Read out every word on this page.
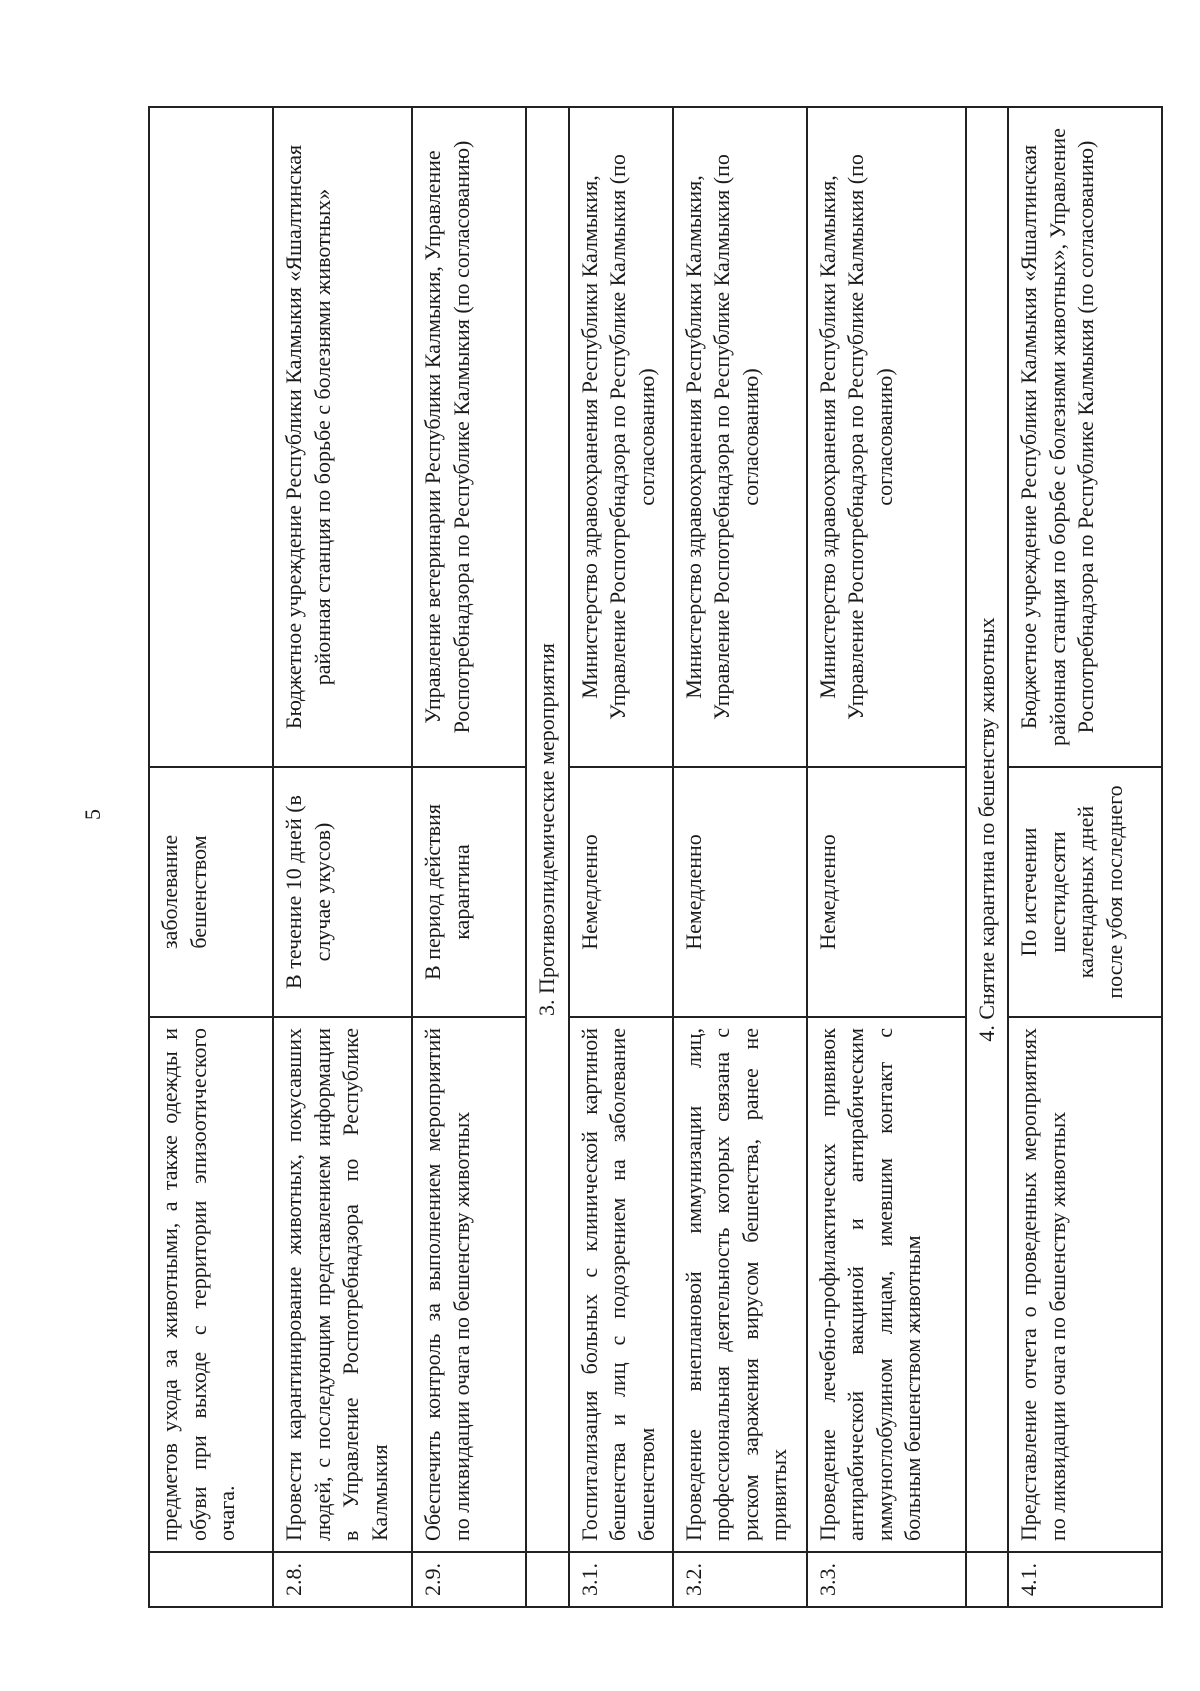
5
	предметов ухода за животными, а также одежды и обуви при выходе с территории эпизоотического очага.	заболевание бешенством	
2.8.	Провести карантинирование животных, покусавших людей, с последующим представлением информации в Управление Роспотребнадзора по Республике Калмыкия	В течение 10 дней (в случае укусов)	Бюджетное учреждение Республики Калмыкия «Яшалтинская районная станция по борьбе с болезнями животных»
2.9.	Обеспечить контроль за выполнением мероприятий по ликвидации очага по бешенству животных	В период действия карантина	Управление ветеринарии Республики Калмыкия, Управление Роспотребнадзора по Республике Калмыкия (по согласованию)
	3. Противоэпидемические мероприятия		
3.1.	Госпитализация больных с клинической картиной бешенства и лиц с подозрением на заболевание бешенством	Немедленно	Министерство здравоохранения Республики Калмыкия, Управление Роспотребнадзора по Республике Калмыкия (по согласованию)
3.2.	Проведение внеплановой иммунизации лиц, профессиональная деятельность которых связана с риском заражения вирусом бешенства, ранее не привитых	Немедленно	Министерство здравоохранения Республики Калмыкия, Управление Роспотребнадзора по Республике Калмыкия (по согласованию)
3.3.	Проведение лечебно-профилактических прививок антирабической вакциной и антирабическим иммуноглобулином лицам, имевшим контакт с больным бешенством животным	Немедленно	Министерство здравоохранения Республики Калмыкия, Управление Роспотребнадзора по Республике Калмыкия (по согласованию)
	4. Снятие карантина по бешенству животных		
4.1.	Представление отчета о проведенных мероприятиях по ликвидации очага по бешенству животных	По истечении шестидесяти календарных дней после убоя последнего	Бюджетное учреждение Республики Калмыкия «Яшалтинская районная станция по борьбе с болезнями животных», Управление Роспотребнадзора по Республике Калмыкия (по согласованию)
